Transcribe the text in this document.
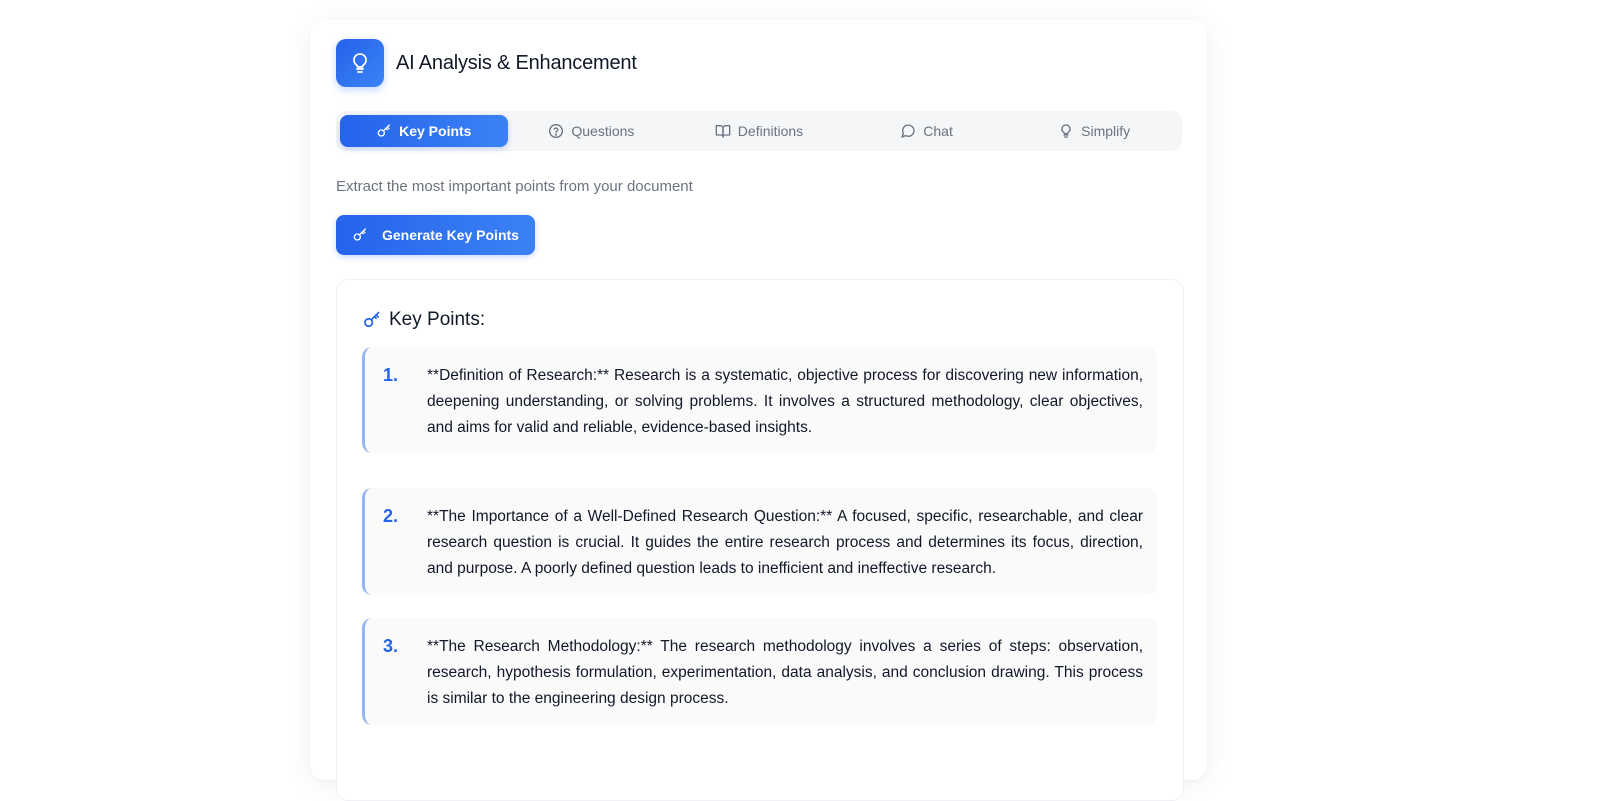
AI Analysis & Enhancement
Key Points	Questions	Definitions	Chat	Simplify
Extract the most important points from your document
Generate Key Points
Key Points:
1. **Definition of Research:** Research is a systematic, objective process for discovering new information, deepening understanding, or solving problems. It involves a structured methodology, clear objectives, and aims for valid and reliable, evidence-based insights.
2. **The Importance of a Well-Defined Research Question:** A focused, specific, researchable, and clear research question is crucial. It guides the entire research process and determines its focus, direction, and purpose. A poorly defined question leads to inefficient and ineffective research.
3. **The Research Methodology:** The research methodology involves a series of steps: observation, research, hypothesis formulation, experimentation, data analysis, and conclusion drawing. This process is similar to the engineering design process.
